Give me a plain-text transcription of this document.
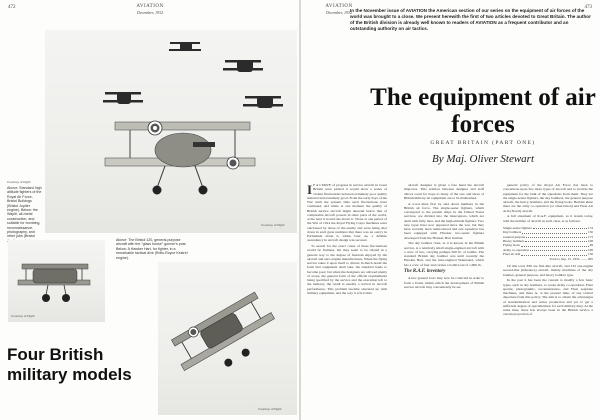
472	AVIATION
December, 1932
Courtesy of Flight
Above: Standard high altitude fighters of the Royal Air Force, Bristol Bulldogs (Bristol Jupiter engine). Below: the Wapiti, all-metal construction, and suitable for bombing, reconnaissance, photography, and other jobs (Bristol
Courtesy of Flight
Courtesy of Flight
Above: The Bristol 120, general-purpose aircraft with the "glass house" gunner's post. Below: A Hawker Hart, for fighter, in a remarkable tactical dive (Rolls-Royce Kestrel engine).
Courtesy of Flight
Four British military models
473
AVIATION
December, 1932

In the November issue of AVIATION the American section of our series on the equipment of air forces of the world was brought to a close. We present herewith the first of two articles devoted to Great Britain. The author of the British division is already well known to readers of AVIATION as a frequent contributor and an outstanding authority on air tactics.

The equipment of air forces
GREAT BRITAIN (PART ONE)
By Maj. Oliver Stewart

I F A CURVE of progress in service aircraft in Great Britain were plotted it would show a series of violent fluctuations between extremely poor quality material and extremely good. From the early days of the War until the present time such fluctuations have continued, and while at one moment the quality of British service aircraft might descend below that of comparable aircraft powers in other parts of the world, at the next it would rise above it. Those at one period of the War of 1914 the Royal Flying Corps machines were outclassed by those of the enemy and were being shot down in such great numbers that there was an outcry in Parliament about it, while, later on, a definite ascendancy in aircraft design was secured.

To search for the exact cause of these fluctuations would be fruitless, but they seem to be related in a general way to the degree of freedom enjoyed by the aircraft and aero-engine manufacturers. When the flying service takes it upon itself to dictate in much detail the form that equipment shall take, the standard tends to become poor; but when the designers are allowed plenty of scope, the general form of the official requirements being specified by the service and the execution left to the industry, the result is usually a revival in aircraft performance. This problem became obscured up with military equipment, and the way it acts is this.

aircraft designer is given a free hand the aircraft improves. This relation between designer and staff allows room for hope to many of the saw and ideas of British military air equipment are to be maintained.

A word must first be said about numbers in the British air force. The single-seater fighters, which correspond to the pursuit ships in the United States services, are divided into the interceptors, which are dealt with fully later, and the high-altitude fighters. Two new types have now appeared since the war, but they have recently been reintroduced and one squadron has been equipped with Hawker two-seater fighters developed from the Hawker Hart bomber.

The day bomber class, as it is known in the British service, is a relatively small single-engined aircraft with a crew of two, carrying perhaps 500 lb. of bombs. The standard British day bomber was until recently the Hawker Hart, and the twin-engined Sidestrand, which has a crew of four and carries a bomb load of 1,000 lb.

The R.A.F. inventory

A few general facts may now be collected in order to form a frame within which the development of British service aircraft may conveniently be set.

general policy of the Royal Air Force has been to concentrate upon few more types of aircraft and to provide the equipment for the bulk of the squadrons from them. They are the single-seater fighters, the day bombers, the general purpose aircraft, the heavy bombers, and the flying boats. Besides these there are the army co-operation (or observation) and Fleet Air Arm (Naval) aircraft.

A full statement of R.A.F. equipment, as it stands today, with the number of aircraft in each class, is as follows:

Single-seater fighters	174
Day bombers	156
General purpose	173
Heavy bombers	108
Flying boats	48
Army co-operation	108
Fleet air arm	156
Total to Sep. 15, 1932 ........ 905

Of this total, 836 are first-line aircraft, and 132 one-engine second-line (inference) aircraft, mainly machines of the day bomber, general purpose, and heavy bomber type.

In the past it has been the custom to modify a few basic types, such as day bombers, to create Army co-operation, Fleet spotter, photographic, reconnaissance, and Fleet seaplane machines, and there is, at the present time, of any radical departure from this policy. The aim is to obtain the advantages of standardization and series production and yet to get a sufficient degree of specialization for each military duty. At the same time, there has always been in the British service a certain proportion of
